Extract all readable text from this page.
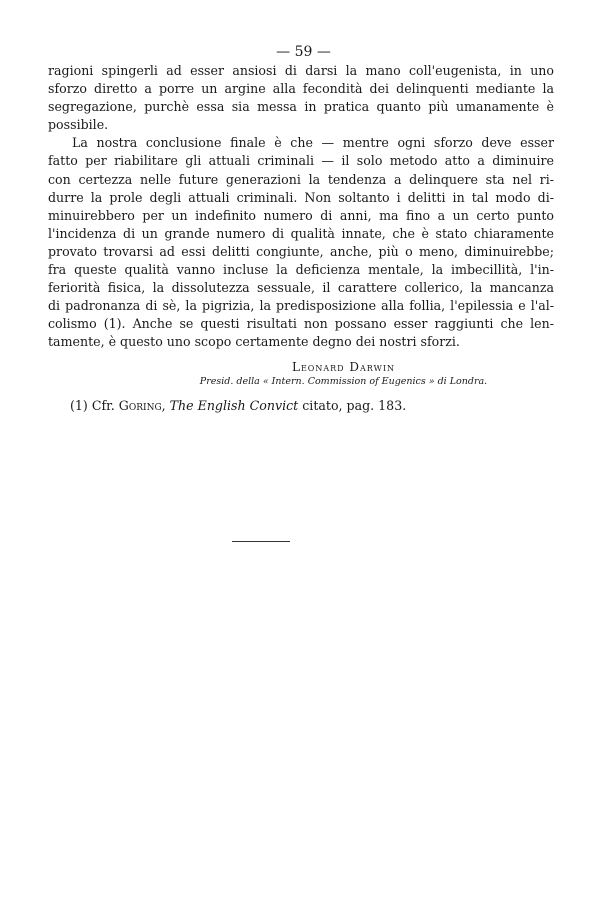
— 59 —
ragioni spingerli ad esser ansiosi di darsi la mano coll'eugenista, in uno
sforzo diretto a porre un argine alla fecondità dei delinquenti mediante la
segregazione, purchè essa sia messa in pratica quanto più umanamente è
possibile.
La nostra conclusione finale è che — mentre ogni sforzo deve esser
fatto per riabilitare gli attuali criminali — il solo metodo atto a diminuire
con certezza nelle future generazioni la tendenza a delinquere sta nel ri-
durre la prole degli attuali criminali. Non soltanto i delitti in tal modo di-
minuirebbero per un indefinito numero di anni, ma fino a un certo punto
l'incidenza di un grande numero di qualità innate, che è stato chiaramente
provato trovarsi ad essi delitti congiunte, anche, più o meno, diminuirebbe;
fra queste qualità vanno incluse la deficienza mentale, la imbecillità, l'in-
feriorità fisica, la dissolutezza sessuale, il carattere collerico, la mancanza
di padronanza di sè, la pigrizia, la predisposizione alla follia, l'epilessia e l'al-
colismo (1). Anche se questi risultati non possano esser raggiunti che len-
tamente, è questo uno scopo certamente degno dei nostri sforzi.
Leonard Darwin
Presid. della « Intern. Commission of Eugenics » di Londra.
(1) Cfr. Goring, The English Convict citato, pag. 183.
